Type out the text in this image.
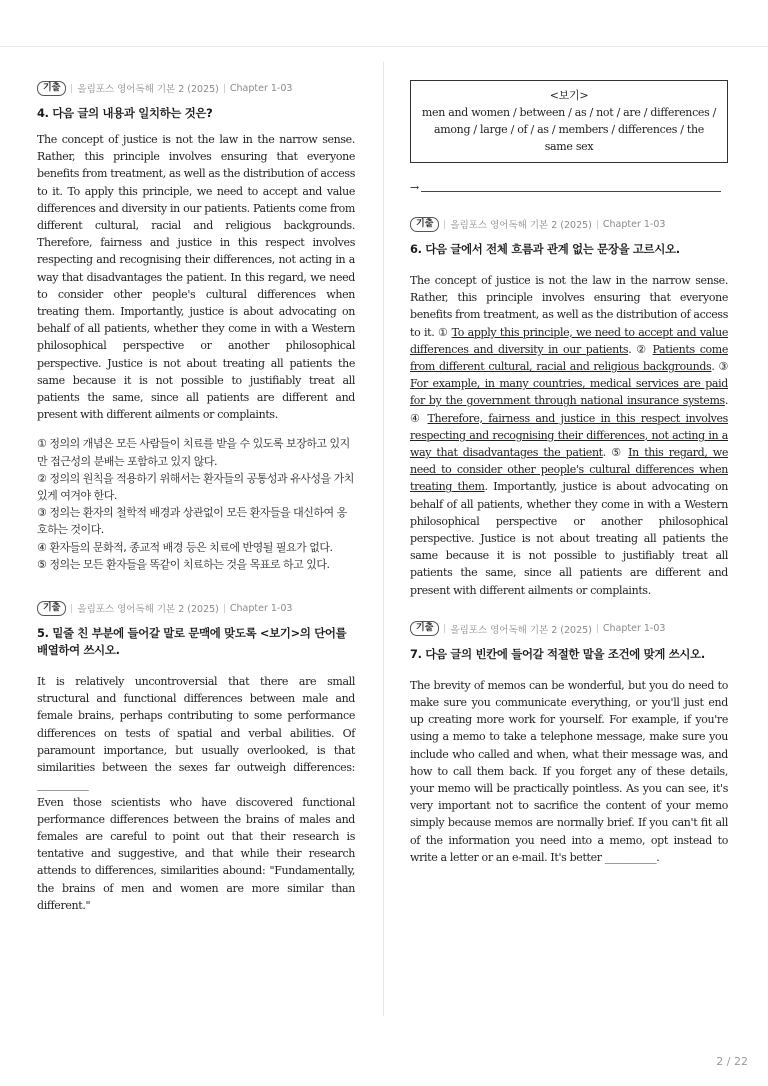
기출	올림포스 영어독해 기본 2 (2025) Chapter 1-03

4. 다음 글의 내용과 일치하는 것은?

The concept of justice is not the law in the narrow sense. Rather, this principle involves ensuring that everyone benefits from treatment, as well as the distribution of access to it. To apply this principle, we need to accept and value differences and diversity in our patients. Patients come from different cultural, racial and religious backgrounds. Therefore, fairness and justice in this respect involves respecting and recognising their differences, not acting in a way that disadvantages the patient. In this regard, we need to consider other people's cultural differences when treating them. Importantly, justice is about advocating on behalf of all patients, whether they come in with a Western philosophical perspective or another philosophical perspective. Justice is not about treating all patients the same because it is not possible to justifiably treat all patients the same, since all patients are different and present with different ailments or complaints.

① 정의의 개념은 모든 사람들이 치료를 받을 수 있도록 보장하고 있지만 접근성의 분배는 포함하고 있지 않다.

② 정의의 원칙을 적용하기 위해서는 환자들의 공통성과 유사성을 가치 있게 여겨야 한다.

③ 정의는 환자의 철학적 배경과 상관없이 모든 환자들을 대신하여 옹호하는 것이다.

④ 환자들의 문화적, 종교적 배경 등은 치료에 반영될 필요가 없다.

⑤ 정의는 모든 환자들을 똑같이 치료하는 것을 목표로 하고 있다.

기출	올림포스 영어독해 기본 2 (2025) Chapter 1-03

5. 밑줄 친 부분에 들어갈 말로 문맥에 맞도록 <보기>의 단어를 배열하여 쓰시오.

It is relatively uncontroversial that there are small structural and functional differences between male and female brains, perhaps contributing to some performance differences on tests of spatial and verbal abilities. Of paramount importance, but usually overlooked, is that similarities between the sexes far outweigh differences: __________

Even those scientists who have discovered functional performance differences between the brains of males and females are careful to point out that their research is tentative and suggestive, and that while their research attends to differences, similarities abound: "Fundamentally, the brains of men and women are more similar than different."

<보기>
men and women / between / as / not / are / differences / among / large / of / as / members / differences / the same sex
→
기출	올림포스 영어독해 기본 2 (2025) Chapter 1-03

6. 다음 글에서 전체 흐름과 관계 없는 문장을 고르시오.

The concept of justice is not the law in the narrow sense. Rather, this principle involves ensuring that everyone benefits from treatment, as well as the distribution of access to it. ① To apply this principle, we need to accept and value differences and diversity in our patients. ② Patients come from different cultural, racial and religious backgrounds. ③ For example, in many countries, medical services are paid for by the government through national insurance systems. ④ Therefore, fairness and justice in this respect involves respecting and recognising their differences, not acting in a way that disadvantages the patient. ⑤ In this regard, we need to consider other people's cultural differences when treating them. Importantly, justice is about advocating on behalf of all patients, whether they come in with a Western philosophical perspective or another philosophical perspective. Justice is not about treating all patients the same because it is not possible to justifiably treat all patients the same, since all patients are different and present with different ailments or complaints.

기출	올림포스 영어독해 기본 2 (2025) Chapter 1-03

7. 다음 글의 빈칸에 들어갈 적절한 말을 조건에 맞게 쓰시오.

The brevity of memos can be wonderful, but you do need to make sure you communicate everything, or you'll just end up creating more work for yourself. For example, if you're using a memo to take a telephone message, make sure you include who called and when, what their message was, and how to call them back. If you forget any of these details, your memo will be practically pointless. As you can see, it's very important not to sacrifice the content of your memo simply because memos are normally brief. If you can't fit all of the information you need into a memo, opt instead to write a letter or an e-mail. It's better __________.

2 / 22
